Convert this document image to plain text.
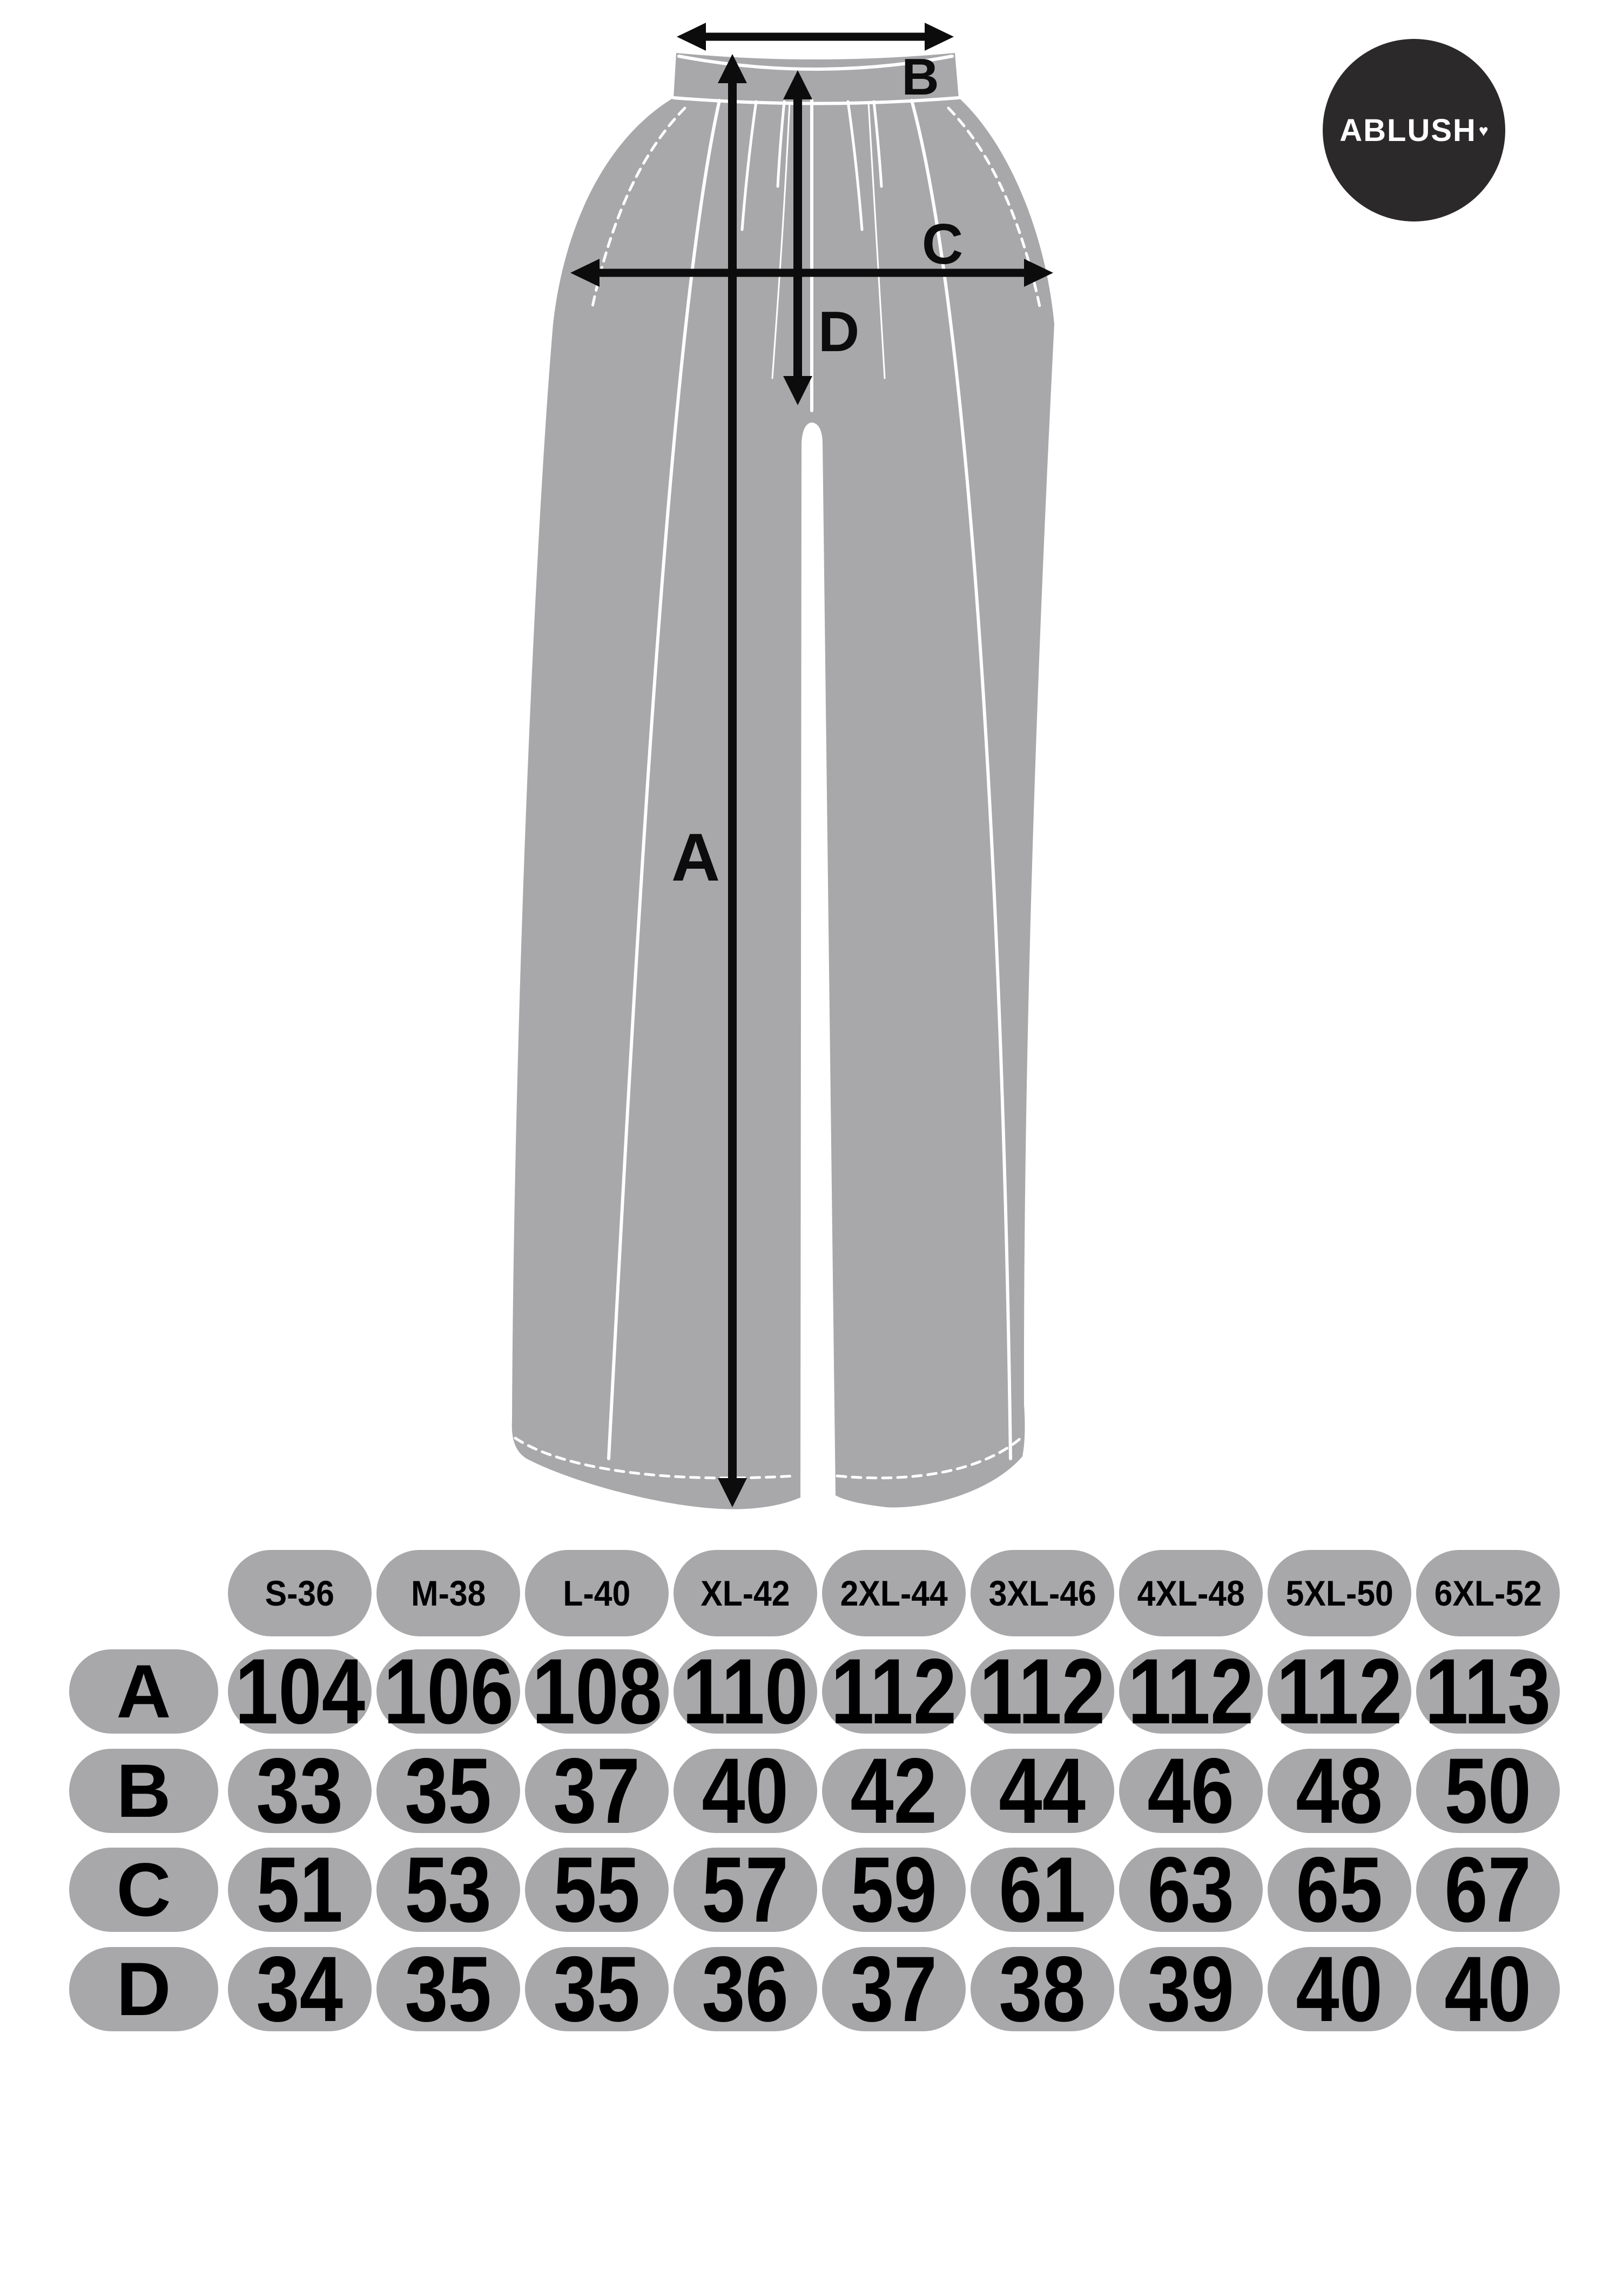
A
B
C
D
ABLUSH ♥
S-36 M-38 L-40 XL-42 2XL-44 3XL-46 4XL-48 5XL-50 6XL-52
A 104 106 108 110 112 112 112 112 113
B 33 35 37 40 42 44 46 48 50
C 51 53 55 57 59 61 63 65 67
D 34 35 35 36 37 38 39 40 40
